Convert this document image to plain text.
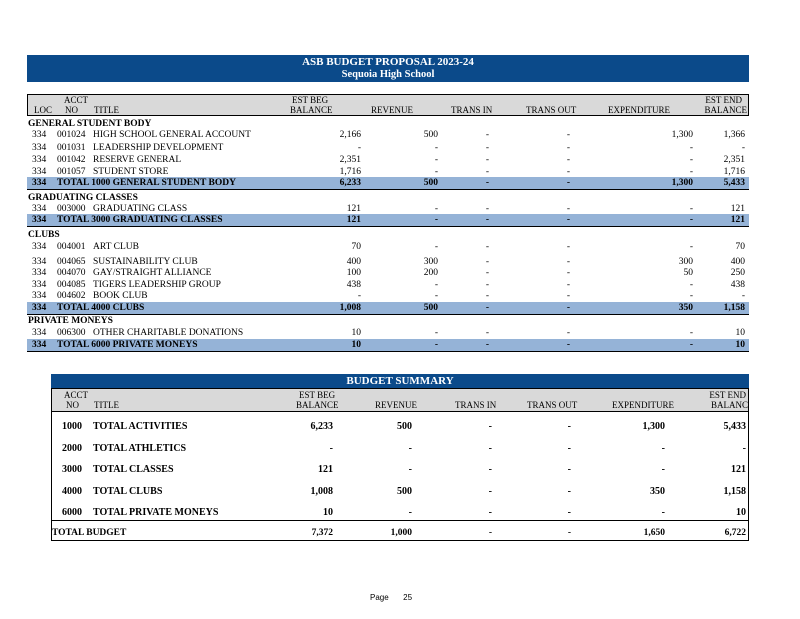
ASB BUDGET PROPOSAL 2023-24
Sequoia High School
ACCT
LOC NO TITLE
EST BEG
BALANCE	REVENUE	TRANS IN	TRANS OUT	EXPENDITURE
EST END
BALANCE
GENERAL STUDENT BODY
334 001024 HIGH SCHOOL GENERAL ACCOUNT	2,166	500	-	-	1,300	1,366
334 001031 LEADERSHIP DEVELOPMENT	-	-	-	-	-	-
334 001042 RESERVE GENERAL	2,351	-	-	-	-	2,351
334 001057 STUDENT STORE	1,716	-	-	-	-	1,716
334 TOTAL 1000 GENERAL STUDENT BODY	6,233	500	-	-	1,300	5,433
GRADUATING CLASSES
334 003000 GRADUATING CLASS	121	-	-	-	-	121
334 TOTAL 3000 GRADUATING CLASSES	121	-	-	-	-	121
CLUBS
334 004001 ART CLUB	70	-	-	-	-	70
334 004065 SUSTAINABILITY CLUB	400	300	-	-	300	400
334 004070 GAY/STRAIGHT ALLIANCE	100	200	-	-	50	250
334 004085 TIGERS LEADERSHIP GROUP	438	-	-	-	-	438
334 004602 BOOK CLUB	-	-	-	-	-	-
334 TOTAL 4000 CLUBS	1,008	500	-	-	350	1,158
PRIVATE MONEYS
334 006300 OTHER CHARITABLE DONATIONS	10	-	-	-	-	10
334 TOTAL 6000 PRIVATE MONEYS	10	-	-	-	-	10
BUDGET SUMMARY
ACCT
NO TITLE
EST BEG
BALANCE	REVENUE	TRANS IN	TRANS OUT	EXPENDITURE
EST END
BALANC
1000 TOTAL ACTIVITIES	6,233	500	-	-	1,300	5,433
2000 TOTAL ATHLETICS	-	-	-	-	-	-
3000 TOTAL CLASSES	121	-	-	-	-	121
4000 TOTAL CLUBS	1,008	500	-	-	350	1,158
6000 TOTAL PRIVATE MONEYS	10	-	-	-	-	10
TOTAL BUDGET	7,372	1,000	-	-	1,650	6,722
Page 25
